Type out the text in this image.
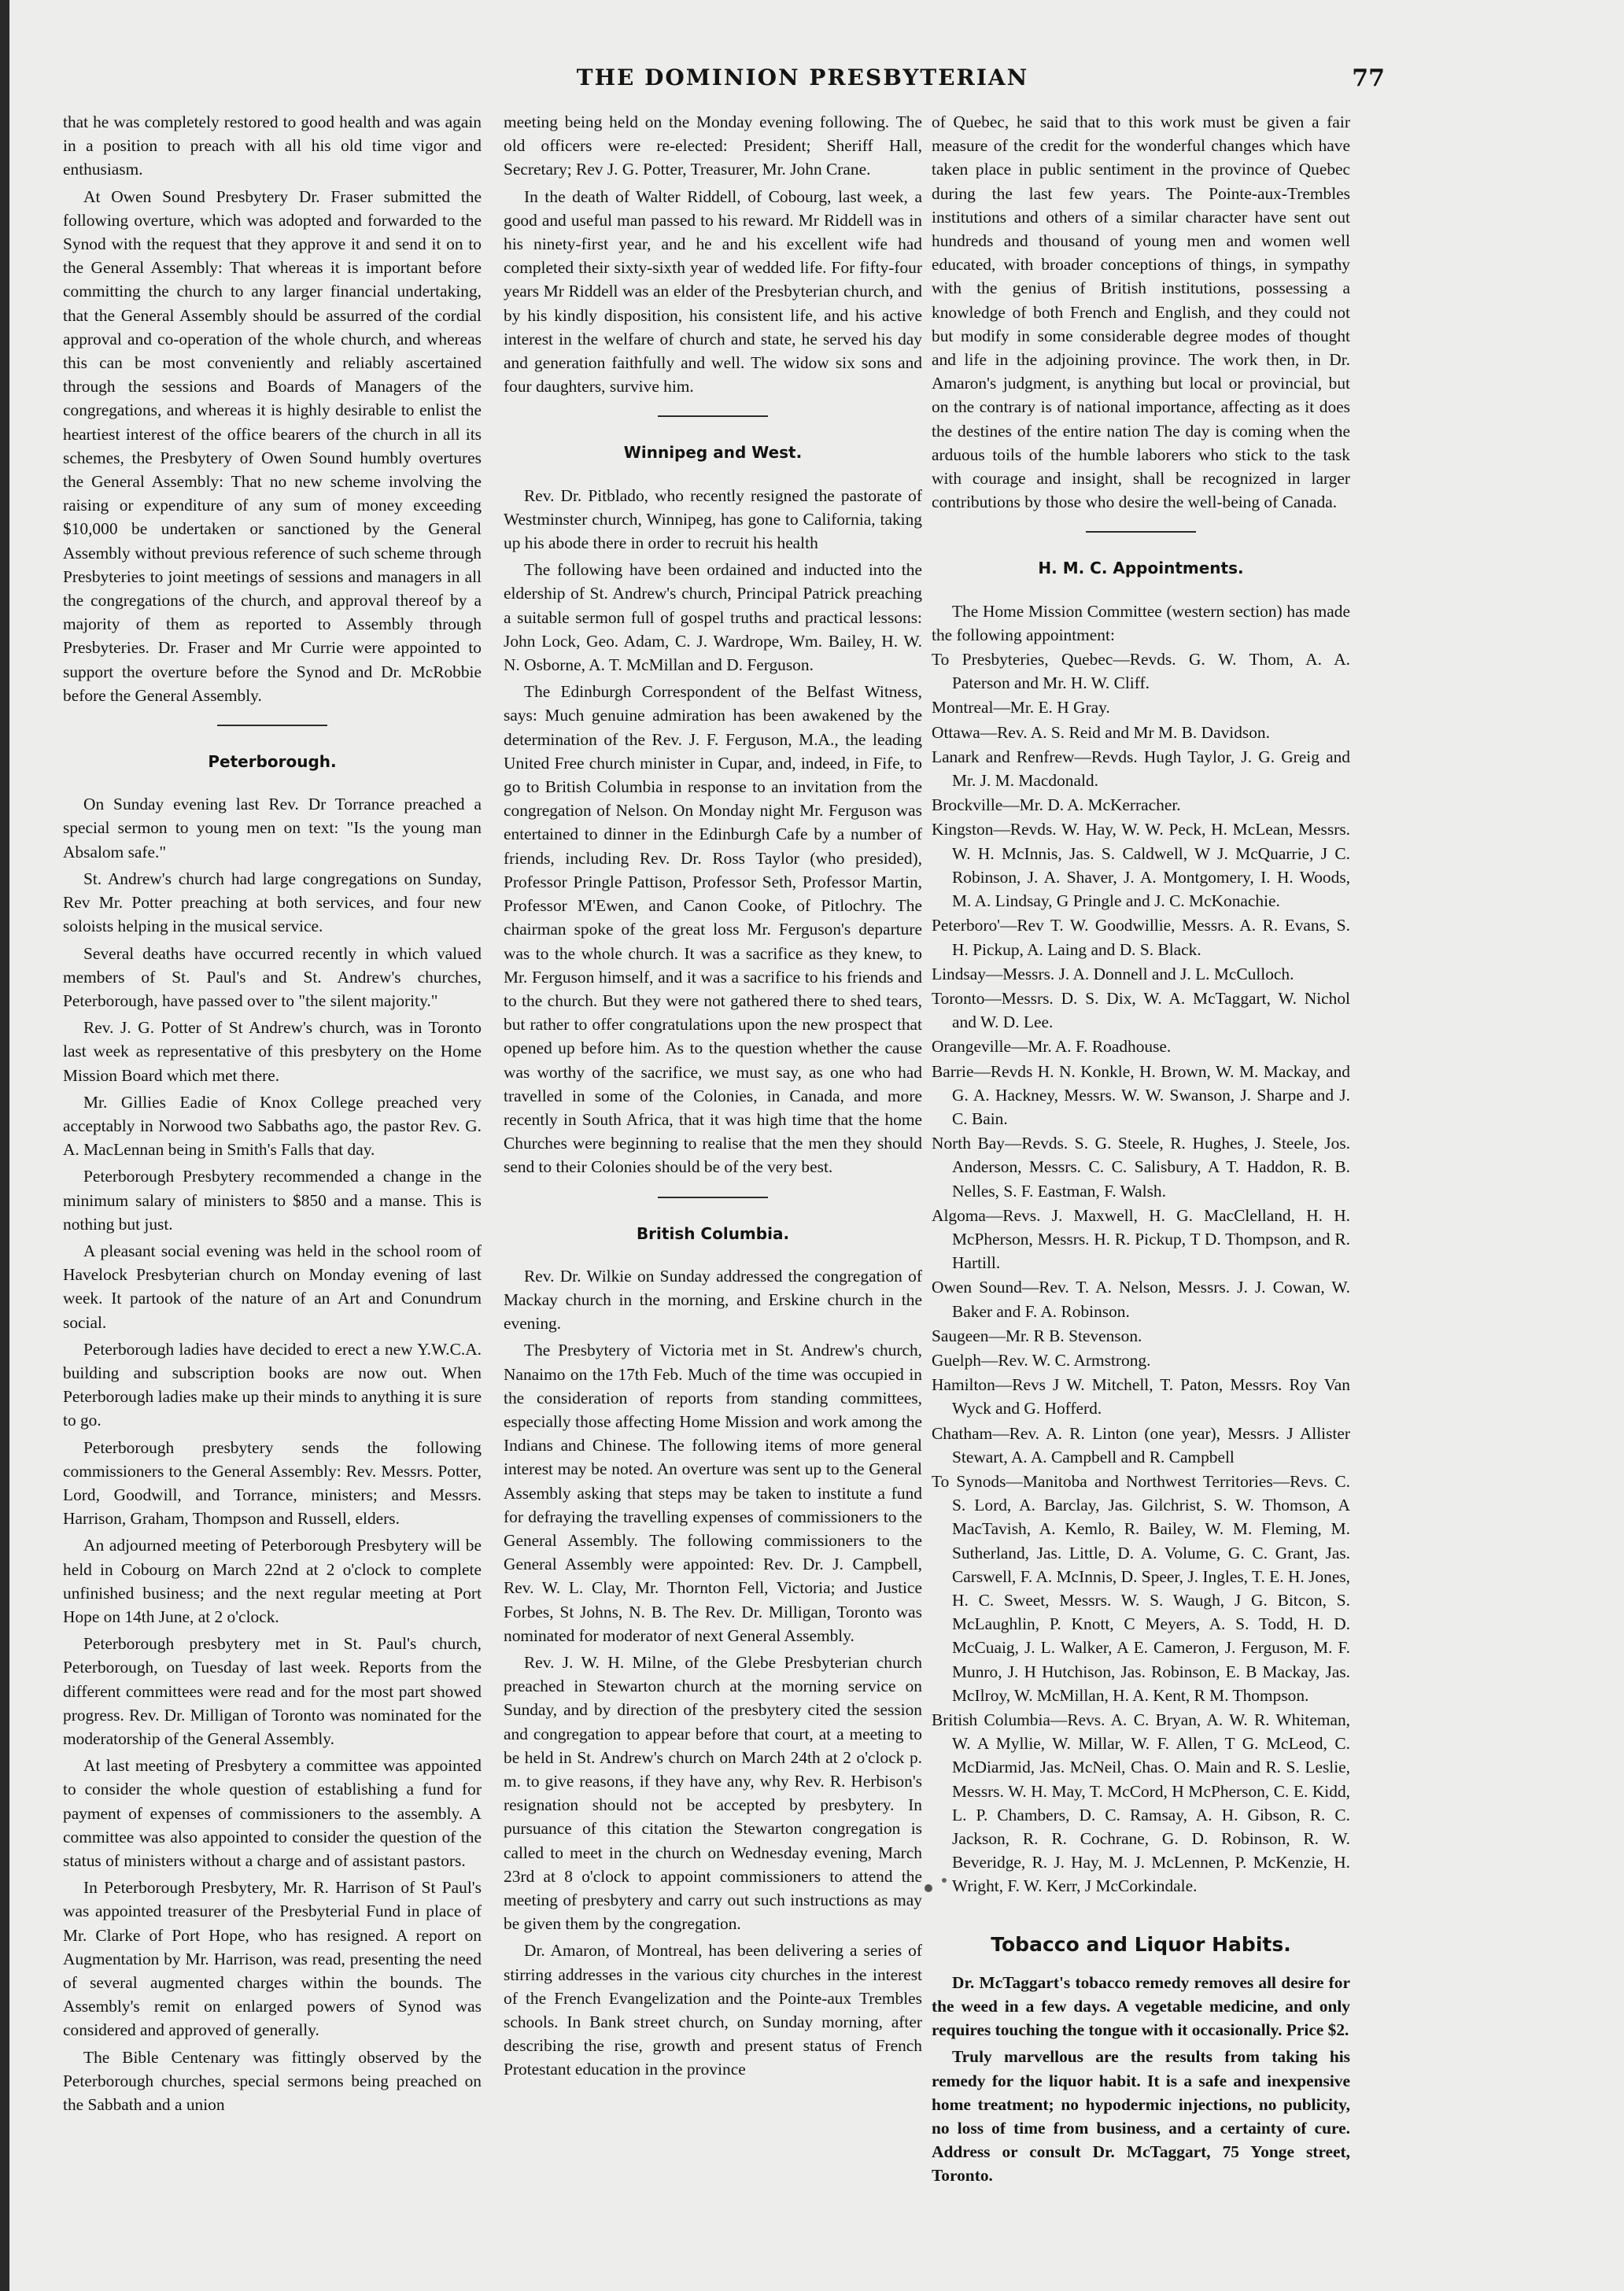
THE DOMINION PRESBYTERIAN	77

that he was completely restored to good health and was again in a position to preach with all his old time vigor and enthusiasm.

At Owen Sound Presbytery Dr. Fraser submitted the following overture, which was adopted and forwarded to the Synod with the request that they approve it and send it on to the General Assembly: That whereas it is important before committing the church to any larger financial undertaking, that the General Assembly should be assurred of the cordial approval and co-operation of the whole church, and whereas this can be most conveniently and reliably ascertained through the sessions and Boards of Managers of the congregations, and whereas it is highly desirable to enlist the heartiest interest of the office bearers of the church in all its schemes, the Presbytery of Owen Sound humbly overtures the General Assembly: That no new scheme involving the raising or expenditure of any sum of money exceeding $10,000 be undertaken or sanctioned by the General Assembly without previous reference of such scheme through Presbyteries to joint meetings of sessions and managers in all the congregations of the church, and approval thereof by a majority of them as reported to Assembly through Presbyteries. Dr. Fraser and Mr Currie were appointed to support the overture before the Synod and Dr. McRobbie before the General Assembly.

Peterborough.

On Sunday evening last Rev. Dr Torrance preached a special sermon to young men on text: "Is the young man Absalom safe."

St. Andrew's church had large congregations on Sunday, Rev Mr. Potter preaching at both services, and four new soloists helping in the musical service.

Several deaths have occurred recently in which valued members of St. Paul's and St. Andrew's churches, Peterborough, have passed over to "the silent majority."

Rev. J. G. Potter of St Andrew's church, was in Toronto last week as representative of this presbytery on the Home Mission Board which met there.

Mr. Gillies Eadie of Knox College preached very acceptably in Norwood two Sabbaths ago, the pastor Rev. G. A. MacLennan being in Smith's Falls that day.

Peterborough Presbytery recommended a change in the minimum salary of ministers to $850 and a manse. This is nothing but just.

A pleasant social evening was held in the school room of Havelock Presbyterian church on Monday evening of last week. It partook of the nature of an Art and Conundrum social.

Peterborough ladies have decided to erect a new Y.W.C.A. building and subscription books are now out. When Peterborough ladies make up their minds to anything it is sure to go.

Peterborough presbytery sends the following commissioners to the General Assembly: Rev. Messrs. Potter, Lord, Goodwill, and Torrance, ministers; and Messrs. Harrison, Graham, Thompson and Russell, elders.

An adjourned meeting of Peterborough Presbytery will be held in Cobourg on March 22nd at 2 o'clock to complete unfinished business; and the next regular meeting at Port Hope on 14th June, at 2 o'clock.

Peterborough presbytery met in St. Paul's church, Peterborough, on Tuesday of last week. Reports from the different committees were read and for the most part showed progress. Rev. Dr. Milligan of Toronto was nominated for the moderatorship of the General Assembly.

At last meeting of Presbytery a committee was appointed to consider the whole question of establishing a fund for payment of expenses of commissioners to the assembly. A committee was also appointed to consider the question of the status of ministers without a charge and of assistant pastors.

In Peterborough Presbytery, Mr. R. Harrison of St Paul's was appointed treasurer of the Presbyterial Fund in place of Mr. Clarke of Port Hope, who has resigned. A report on Augmentation by Mr. Harrison, was read, presenting the need of several augmented charges within the bounds. The Assembly's remit on enlarged powers of Synod was considered and approved of generally.

The Bible Centenary was fittingly observed by the Peterborough churches, special sermons being preached on the Sabbath and a union

meeting being held on the Monday evening following. The old officers were re-elected: President; Sheriff Hall, Secretary; Rev J. G. Potter, Treasurer, Mr. John Crane.

In the death of Walter Riddell, of Cobourg, last week, a good and useful man passed to his reward. Mr Riddell was in his ninety-first year, and he and his excellent wife had completed their sixty-sixth year of wedded life. For fifty-four years Mr Riddell was an elder of the Presbyterian church, and by his kindly disposition, his consistent life, and his active interest in the welfare of church and state, he served his day and generation faithfully and well. The widow six sons and four daughters, survive him.

Winnipeg and West.

Rev. Dr. Pitblado, who recently resigned the pastorate of Westminster church, Winnipeg, has gone to California, taking up his abode there in order to recruit his health

The following have been ordained and inducted into the eldership of St. Andrew's church, Principal Patrick preaching a suitable sermon full of gospel truths and practical lessons: John Lock, Geo. Adam, C. J. Wardrope, Wm. Bailey, H. W. N. Osborne, A. T. McMillan and D. Ferguson.

The Edinburgh Correspondent of the Belfast Witness, says: Much genuine admiration has been awakened by the determination of the Rev. J. F. Ferguson, M.A., the leading United Free church minister in Cupar, and, indeed, in Fife, to go to British Columbia in response to an invitation from the congregation of Nelson. On Monday night Mr. Ferguson was entertained to dinner in the Edinburgh Cafe by a number of friends, including Rev. Dr. Ross Taylor (who presided), Professor Pringle Pattison, Professor Seth, Professor Martin, Professor M'Ewen, and Canon Cooke, of Pitlochry. The chairman spoke of the great loss Mr. Ferguson's departure was to the whole church. It was a sacrifice as they knew, to Mr. Ferguson himself, and it was a sacrifice to his friends and to the church. But they were not gathered there to shed tears, but rather to offer congratulations upon the new prospect that opened up before him. As to the question whether the cause was worthy of the sacrifice, we must say, as one who had travelled in some of the Colonies, in Canada, and more recently in South Africa, that it was high time that the home Churches were beginning to realise that the men they should send to their Colonies should be of the very best.

British Columbia.

Rev. Dr. Wilkie on Sunday addressed the congregation of Mackay church in the morning, and Erskine church in the evening.

The Presbytery of Victoria met in St. Andrew's church, Nanaimo on the 17th Feb. Much of the time was occupied in the consideration of reports from standing committees, especially those affecting Home Mission and work among the Indians and Chinese. The following items of more general interest may be noted. An overture was sent up to the General Assembly asking that steps may be taken to institute a fund for defraying the travelling expenses of commissioners to the General Assembly. The following commissioners to the General Assembly were appointed: Rev. Dr. J. Campbell, Rev. W. L. Clay, Mr. Thornton Fell, Victoria; and Justice Forbes, St Johns, N. B. The Rev. Dr. Milligan, Toronto was nominated for moderator of next General Assembly.

Rev. J. W. H. Milne, of the Glebe Presbyterian church preached in Stewarton church at the morning service on Sunday, and by direction of the presbytery cited the session and congregation to appear before that court, at a meeting to be held in St. Andrew's church on March 24th at 2 o'clock p. m. to give reasons, if they have any, why Rev. R. Herbison's resignation should not be accepted by presbytery. In pursuance of this citation the Stewarton congregation is called to meet in the church on Wednesday evening, March 23rd at 8 o'clock to appoint commissioners to attend the meeting of presbytery and carry out such instructions as may be given them by the congregation.

Dr. Amaron, of Montreal, has been delivering a series of stirring addresses in the various city churches in the interest of the French Evangelization and the Pointe-aux Trembles schools. In Bank street church, on Sunday morning, after describing the rise, growth and present status of French Protestant education in the province

of Quebec, he said that to this work must be given a fair measure of the credit for the wonderful changes which have taken place in public sentiment in the province of Quebec during the last few years. The Pointe-aux-Trembles institutions and others of a similar character have sent out hundreds and thousand of young men and women well educated, with broader conceptions of things, in sympathy with the genius of British institutions, possessing a knowledge of both French and English, and they could not but modify in some considerable degree modes of thought and life in the adjoining province. The work then, in Dr. Amaron's judgment, is anything but local or provincial, but on the contrary is of national importance, affecting as it does the destines of the entire nation The day is coming when the arduous toils of the humble laborers who stick to the task with courage and insight, shall be recognized in larger contributions by those who desire the well-being of Canada.

H. M. C. Appointments.

The Home Mission Committee (western section) has made the following appointment:

To Presbyteries, Quebec—Revds. G. W. Thom, A. A. Paterson and Mr. H. W. Cliff.

Montreal—Mr. E. H Gray.

Ottawa—Rev. A. S. Reid and Mr M. B. Davidson.

Lanark and Renfrew—Revds. Hugh Taylor, J. G. Greig and Mr. J. M. Macdonald.

Brockville—Mr. D. A. McKerracher.

Kingston—Revds. W. Hay, W. W. Peck, H. McLean, Messrs. W. H. McInnis, Jas. S. Caldwell, W J. McQuarrie, J C. Robinson, J. A. Shaver, J. A. Montgomery, I. H. Woods, M. A. Lindsay, G Pringle and J. C. McKonachie.

Peterboro'—Rev T. W. Goodwillie, Messrs. A. R. Evans, S. H. Pickup, A. Laing and D. S. Black.

Lindsay—Messrs. J. A. Donnell and J. L. McCulloch.

Toronto—Messrs. D. S. Dix, W. A. McTaggart, W. Nichol and W. D. Lee.

Orangeville—Mr. A. F. Roadhouse.

Barrie—Revds H. N. Konkle, H. Brown, W. M. Mackay, and G. A. Hackney, Messrs. W. W. Swanson, J. Sharpe and J. C. Bain.

North Bay—Revds. S. G. Steele, R. Hughes, J. Steele, Jos. Anderson, Messrs. C. C. Salisbury, A T. Haddon, R. B. Nelles, S. F. Eastman, F. Walsh.

Algoma—Revs. J. Maxwell, H. G. MacClelland, H. H. McPherson, Messrs. H. R. Pickup, T D. Thompson, and R. Hartill.

Owen Sound—Rev. T. A. Nelson, Messrs. J. J. Cowan, W. Baker and F. A. Robinson.

Saugeen—Mr. R B. Stevenson.

Guelph—Rev. W. C. Armstrong.

Hamilton—Revs J W. Mitchell, T. Paton, Messrs. Roy Van Wyck and G. Hofferd.

Chatham—Rev. A. R. Linton (one year), Messrs. J Allister Stewart, A. A. Campbell and R. Campbell

To Synods—Manitoba and Northwest Territories—Revs. C. S. Lord, A. Barclay, Jas. Gilchrist, S. W. Thomson, A MacTavish, A. Kemlo, R. Bailey, W. M. Fleming, M. Sutherland, Jas. Little, D. A. Volume, G. C. Grant, Jas. Carswell, F. A. McInnis, D. Speer, J. Ingles, T. E. H. Jones, H. C. Sweet, Messrs. W. S. Waugh, J G. Bitcon, S. McLaughlin, P. Knott, C Meyers, A. S. Todd, H. D. McCuaig, J. L. Walker, A E. Cameron, J. Ferguson, M. F. Munro, J. H Hutchison, Jas. Robinson, E. B Mackay, Jas. McIlroy, W. McMillan, H. A. Kent, R M. Thompson.

British Columbia—Revs. A. C. Bryan, A. W. R. Whiteman, W. A Myllie, W. Millar, W. F. Allen, T G. McLeod, C. McDiarmid, Jas. McNeil, Chas. O. Main and R. S. Leslie, Messrs. W. H. May, T. McCord, H McPherson, C. E. Kidd, L. P. Chambers, D. C. Ramsay, A. H. Gibson, R. C. Jackson, R. R. Cochrane, G. D. Robinson, R. W. Beveridge, R. J. Hay, M. J. McLennen, P. McKenzie, H. Wright, F. W. Kerr, J McCorkindale.

Tobacco and Liquor Habits.

Dr. McTaggart's tobacco remedy removes all desire for the weed in a few days. A vegetable medicine, and only requires touching the tongue with it occasionally. Price $2.

Truly marvellous are the results from taking his remedy for the liquor habit. It is a safe and inexpensive home treatment; no hypodermic injections, no publicity, no loss of time from business, and a certainty of cure. Address or consult Dr. McTaggart, 75 Yonge street, Toronto.
